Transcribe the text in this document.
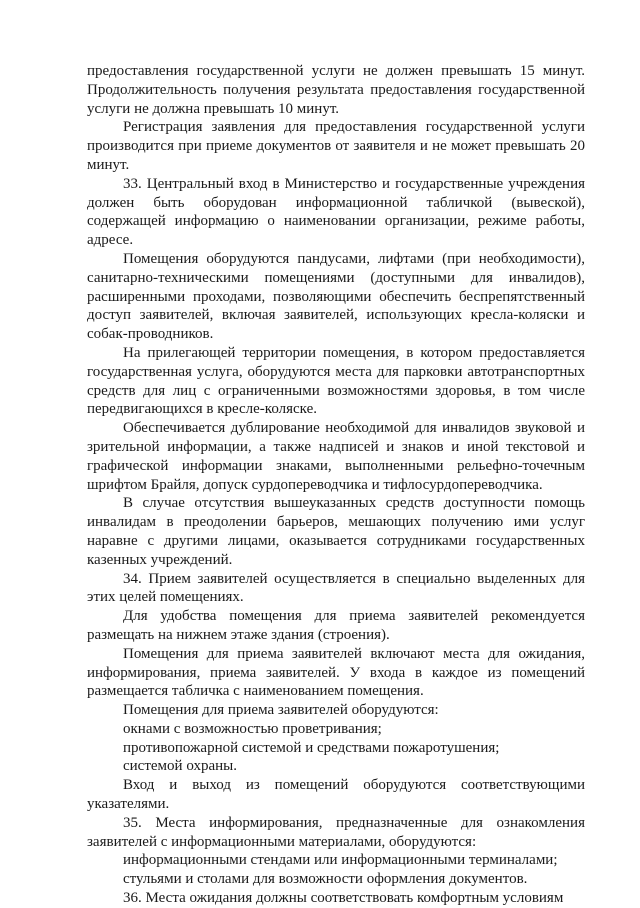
предоставления государственной услуги не должен превышать 15 минут. Продолжительность получения результата предоставления государственной услуги не должна превышать 10 минут.

Регистрация заявления для предоставления государственной услуги производится при приеме документов от заявителя и не может превышать 20 минут.

33. Центральный вход в Министерство и государственные учреждения должен быть оборудован информационной табличкой (вывеской), содержащей информацию о наименовании организации, режиме работы, адресе.

Помещения оборудуются пандусами, лифтами (при необходимости), санитарно-техническими помещениями (доступными для инвалидов), расширенными проходами, позволяющими обеспечить беспрепятственный доступ заявителей, включая заявителей, использующих кресла-коляски и собак-проводников.

На прилегающей территории помещения, в котором предоставляется государственная услуга, оборудуются места для парковки автотранспортных средств для лиц с ограниченными возможностями здоровья, в том числе передвигающихся в кресле-коляске.

Обеспечивается дублирование необходимой для инвалидов звуковой и зрительной информации, а также надписей и знаков и иной текстовой и графической информации знаками, выполненными рельефно-точечным шрифтом Брайля, допуск сурдопереводчика и тифлосурдопереводчика.

В случае отсутствия вышеуказанных средств доступности помощь инвалидам в преодолении барьеров, мешающих получению ими услуг наравне с другими лицами, оказывается сотрудниками государственных казенных учреждений.

34. Прием заявителей осуществляется в специально выделенных для этих целей помещениях.

Для удобства помещения для приема заявителей рекомендуется размещать на нижнем этаже здания (строения).

Помещения для приема заявителей включают места для ожидания, информирования, приема заявителей. У входа в каждое из помещений размещается табличка с наименованием помещения.

Помещения для приема заявителей оборудуются:

окнами с возможностью проветривания;

противопожарной системой и средствами пожаротушения;

системой охраны.

Вход и выход из помещений оборудуются соответствующими указателями.

35. Места информирования, предназначенные для ознакомления заявителей с информационными материалами, оборудуются:

информационными стендами или информационными терминалами;

стульями и столами для возможности оформления документов.

36. Места ожидания должны соответствовать комфортным условиям
